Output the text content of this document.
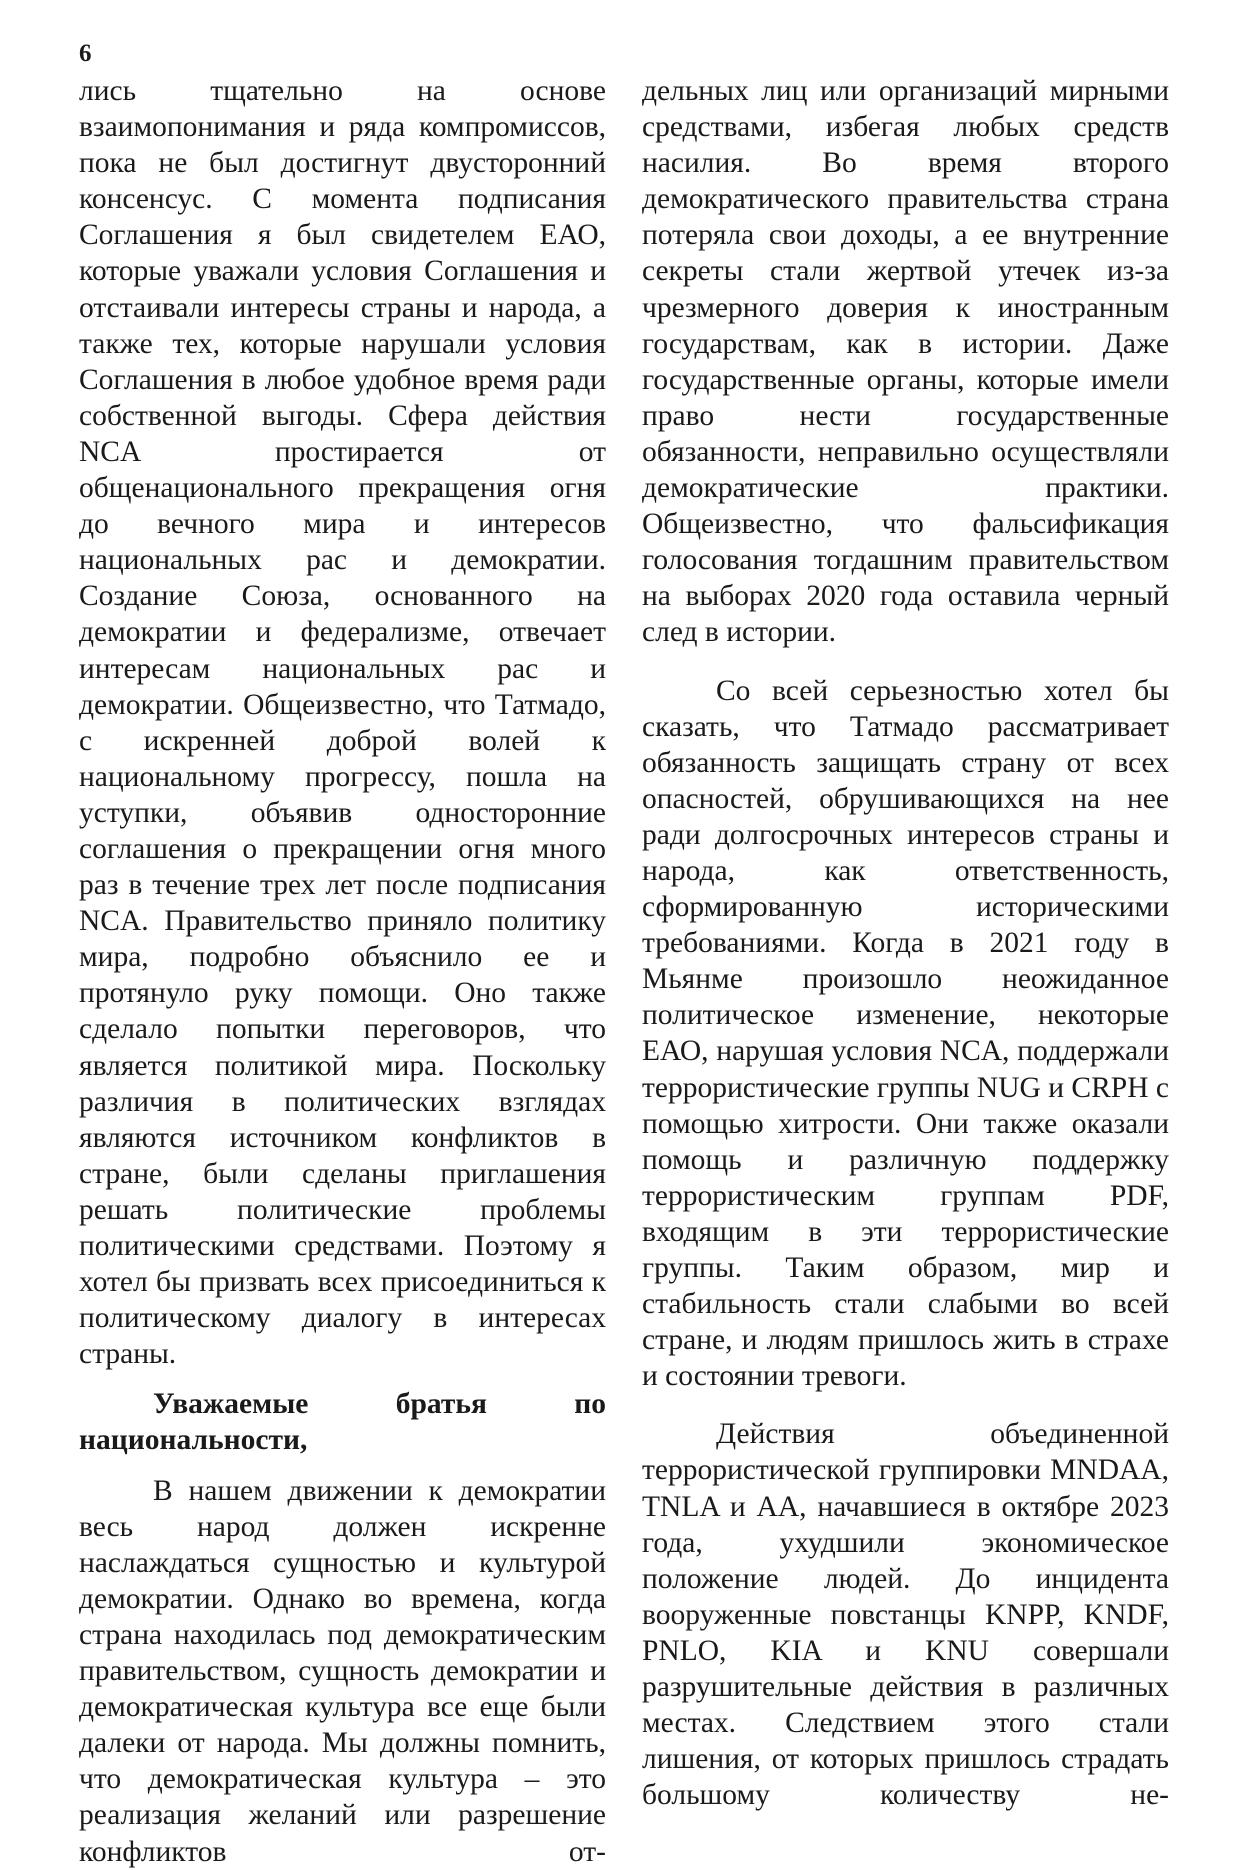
6

лись тщательно на основе взаимопонимания и ряда компромиссов, пока не был достигнут двусторонний консенсус. С момента подписания Соглашения я был свидетелем ЕАО, которые уважали условия Соглашения и отстаивали интересы страны и народа, а также тех, которые нарушали условия Соглашения в любое удобное время ради собственной выгоды. Сфера действия NCA простирается от общенационального прекращения огня до вечного мира и интересов национальных рас и демократии. Создание Союза, основанного на демократии и федерализме, отвечает интересам национальных рас и демократии. Общеизвестно, что Татмадо, с искренней доброй волей к национальному прогрессу, пошла на уступки, объявив односторонние соглашения о прекращении огня много раз в течение трех лет после подписания NCA. Правительство приняло политику мира, подробно объяснило ее и протянуло руку помощи. Оно также сделало попытки переговоров, что является политикой мира. Поскольку различия в политических взглядах являются источником конфликтов в стране, были сделаны приглашения решать политические проблемы политическими средствами. Поэтому я хотел бы призвать всех присоединиться к политическому диалогу в интересах страны.

Уважаемые братья по национальности,

В нашем движении к демократии весь народ должен искренне наслаждаться сущностью и культурой демократии. Однако во времена, когда страна находилась под демократическим правительством, сущность демократии и демократическая культура все еще были далеки от народа. Мы должны помнить, что демократическая культура – это реализация желаний или разрешение конфликтов от-

дельных лиц или организаций мирными средствами, избегая любых средств насилия. Во время второго демократического правительства страна потеряла свои доходы, а ее внутренние секреты стали жертвой утечек из-за чрезмерного доверия к иностранным государствам, как в истории. Даже государственные органы, которые имели право нести государственные обязанности, неправильно осуществляли демократические практики. Общеизвестно, что фальсификация голосования тогдашним правительством на выборах 2020 года оставила черный след в истории.

Со всей серьезностью хотел бы сказать, что Татмадо рассматривает обязанность защищать страну от всех опасностей, обрушивающихся на нее ради долгосрочных интересов страны и народа, как ответственность, сформированную историческими требованиями. Когда в 2021 году в Мьянме произошло неожиданное политическое изменение, некоторые ЕАО, нарушая условия NCA, поддержали террористические группы NUG и CRPH с помощью хитрости. Они также оказали помощь и различную поддержку террористическим группам PDF, входящим в эти террористические группы. Таким образом, мир и стабильность стали слабыми во всей стране, и людям пришлось жить в страхе и состоянии тревоги.

Действия объединенной террористической группировки MNDAA, TNLA и АА, начавшиеся в октябре 2023 года, ухудшили экономическое положение людей. До инцидента вооруженные повстанцы KNPP, KNDF, PNLO, KIA и KNU совершали разрушительные действия в различных местах. Следствием этого стали лишения, от которых пришлось страдать большому количеству не-
